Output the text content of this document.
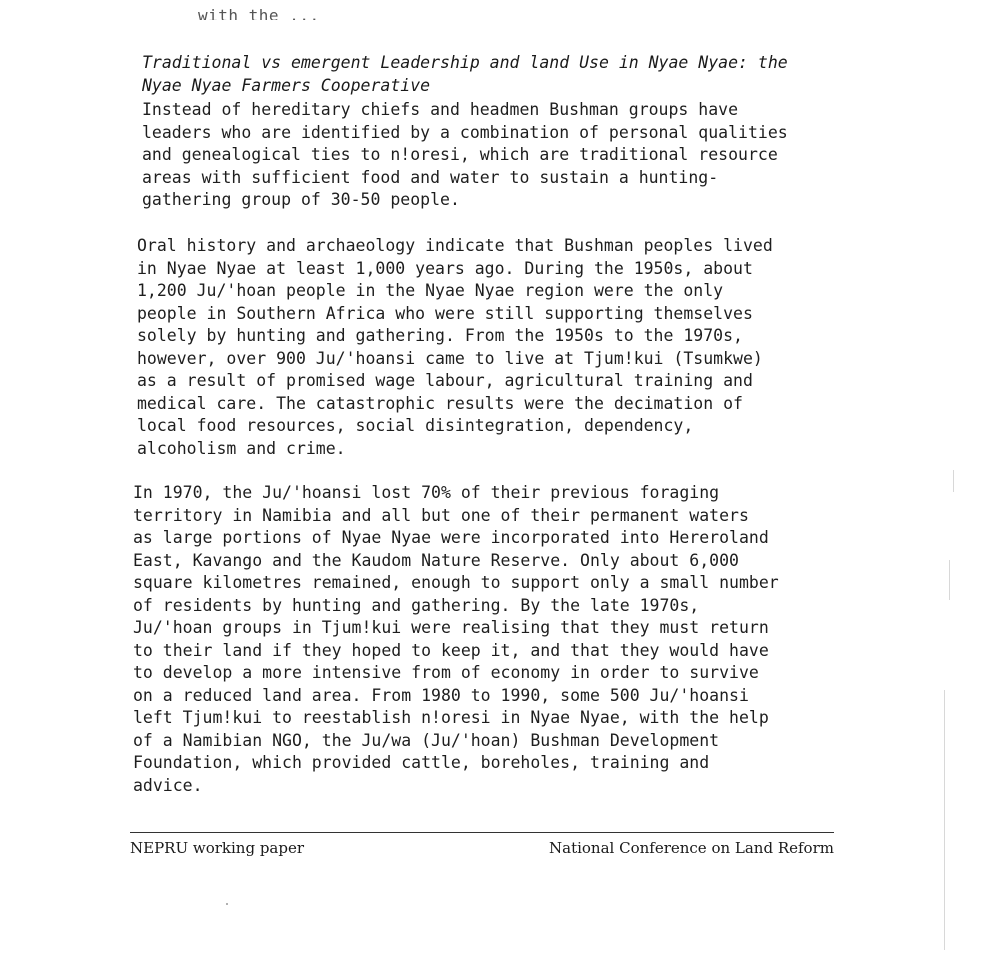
with the ...
Traditional vs emergent Leadership and land Use in Nyae Nyae: the
Nyae Nyae Farmers Cooperative
Instead of hereditary chiefs and headmen Bushman groups have
leaders who are identified by a combination of personal qualities
and genealogical ties to n!oresi, which are traditional resource
areas with sufficient food and water to sustain a hunting-
gathering group of 30-50 people.
Oral history and archaeology indicate that Bushman peoples lived
in Nyae Nyae at least 1,000 years ago. During the 1950s, about
1,200 Ju/'hoan people in the Nyae Nyae region were the only
people in Southern Africa who were still supporting themselves
solely by hunting and gathering. From the 1950s to the 1970s,
however, over 900 Ju/'hoansi came to live at Tjum!kui (Tsumkwe)
as a result of promised wage labour, agricultural training and
medical care. The catastrophic results were the decimation of
local food resources, social disintegration, dependency,
alcoholism and crime.
In 1970, the Ju/'hoansi lost 70% of their previous foraging
territory in Namibia and all but one of their permanent waters
as large portions of Nyae Nyae were incorporated into Hereroland
East, Kavango and the Kaudom Nature Reserve. Only about 6,000
square kilometres remained, enough to support only a small number
of residents by hunting and gathering. By the late 1970s,
Ju/'hoan groups in Tjum!kui were realising that they must return
to their land if they hoped to keep it, and that they would have
to develop a more intensive from of economy in order to survive
on a reduced land area. From 1980 to 1990, some 500 Ju/'hoansi
left Tjum!kui to reestablish n!oresi in Nyae Nyae, with the help
of a Namibian NGO, the Ju/wa (Ju/'hoan) Bushman Development
Foundation, which provided cattle, boreholes, training and
advice.
NEPRU working paper	National Conference on Land Reform
